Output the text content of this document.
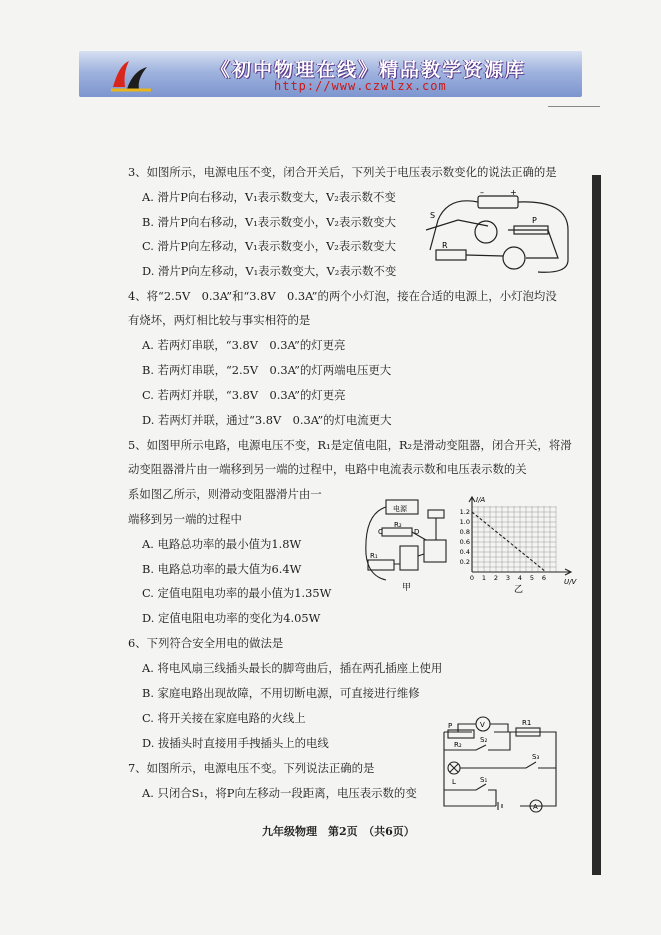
《初中物理在线》精品教学资源库
http://www.czwlzx.com
3、如图所示，电源电压不变，闭合开关后，下列关于电压表示数变化的说法正确的是
A. 滑片P向右移动，V₁表示数变大，V₂表示数不变
B. 滑片P向右移动，V₁表示数变小，V₂表示数变大
C. 滑片P向左移动，V₁表示数变小，V₂表示数变大
D. 滑片P向左移动，V₁表示数变大，V₂表示数不变
S
R
P
–	+
4、将“2.5V　0.3A”和“3.8V　0.3A”的两个小灯泡，接在合适的电源上，小灯泡均没
有烧坏，两灯相比较与事实相符的是
A. 若两灯串联，“3.8V　0.3A”的灯更亮
B. 若两灯串联，“2.5V　0.3A”的灯两端电压更大
C. 若两灯并联，“3.8V　0.3A”的灯更亮
D. 若两灯并联，通过“3.8V　0.3A”的灯电流更大
5、如图甲所示电路，电源电压不变，R₁是定值电阻，R₂是滑动变阻器，闭合开关，将滑
动变阻器滑片由一端移到另一端的过程中，电路中电流表示数和电压表示数的关
系如图乙所示，则滑动变阻器滑片由一
端移到另一端的过程中
A. 电路总功率的最小值为1.8W
B. 电路总功率的最大值为6.4W
C. 定值电阻电功率的最小值为1.35W
D. 定值电阻电功率的变化为4.05W
电源
C
R₂
D
R₁
甲
I/A
U/V
1.2
1.0
0.8
0.6
0.4
0.2
0 1 2 3 4 5 6
乙
6、下列符合安全用电的做法是
A. 将电风扇三线插头最长的脚弯曲后，插在两孔插座上使用
B. 家庭电路出现故障，不用切断电源，可直接进行维修
C. 将开关接在家庭电路的火线上
D. 拔插头时直接用手拽插头上的电线
7、如图所示，电源电压不变。下列说法正确的是
A. 只闭合S₁，将P向左移动一段距离，电压表示数的变
V
P	R1
R₂
S₂
S₃
L	S₁
A
九年级物理　第2页　（共6页）
